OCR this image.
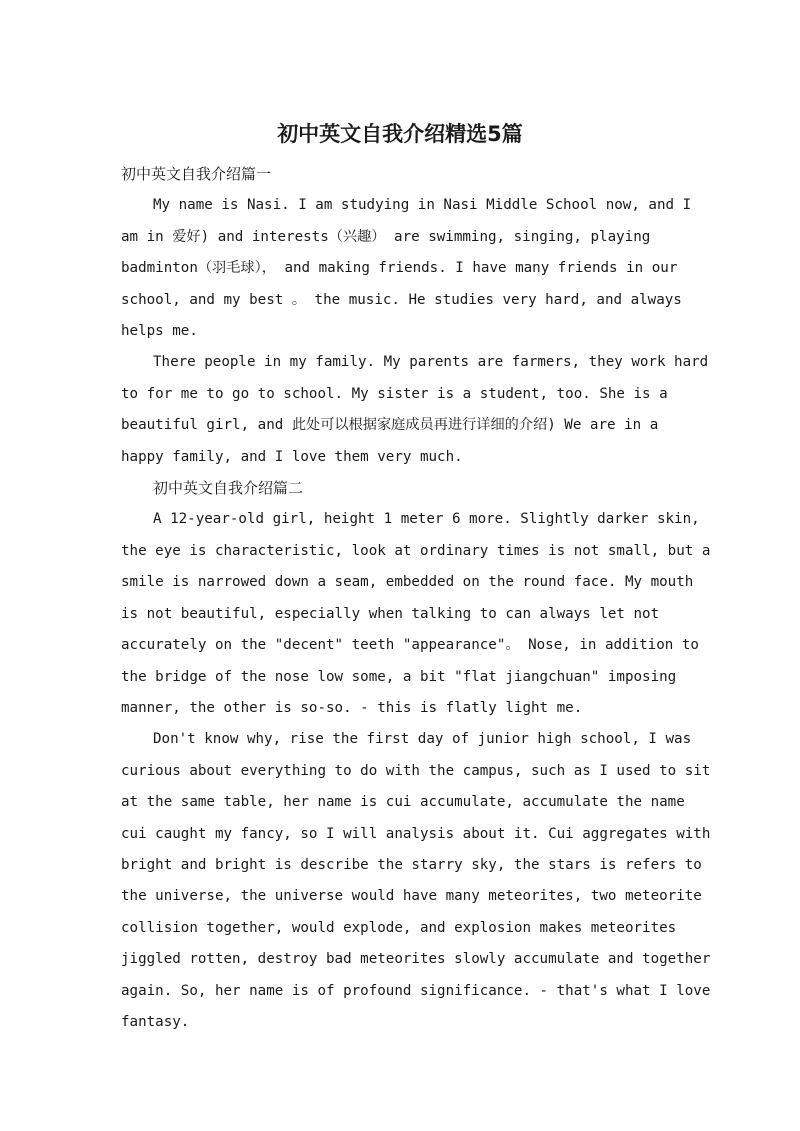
初中英文自我介绍精选5篇

初中英文自我介绍篇一

My name is Nasi. I am studying in Nasi Middle School now, and I
am in 爱好) and interests（兴趣） are swimming, singing, playing
badminton（羽毛球）， and making friends. I have many friends in our
school, and my best 。 the music. He studies very hard, and always
helps me.

There people in my family. My parents are farmers, they work hard
to for me to go to school. My sister is a student, too. She is a
beautiful girl, and 此处可以根据家庭成员再进行详细的介绍) We are in a
happy family, and I love them very much.

初中英文自我介绍篇二

A 12-year-old girl, height 1 meter 6 more. Slightly darker skin,
the eye is characteristic, look at ordinary times is not small, but a
smile is narrowed down a seam, embedded on the round face. My mouth
is not beautiful, especially when talking to can always let not
accurately on the "decent" teeth "appearance"。 Nose, in addition to
the bridge of the nose low some, a bit "flat jiangchuan" imposing
manner, the other is so-so. - this is flatly light me.

Don't know why, rise the first day of junior high school, I was
curious about everything to do with the campus, such as I used to sit
at the same table, her name is cui accumulate, accumulate the name
cui caught my fancy, so I will analysis about it. Cui aggregates with
bright and bright is describe the starry sky, the stars is refers to
the universe, the universe would have many meteorites, two meteorite
collision together, would explode, and explosion makes meteorites
jiggled rotten, destroy bad meteorites slowly accumulate and together
again. So, her name is of profound significance. - that's what I love
fantasy.
